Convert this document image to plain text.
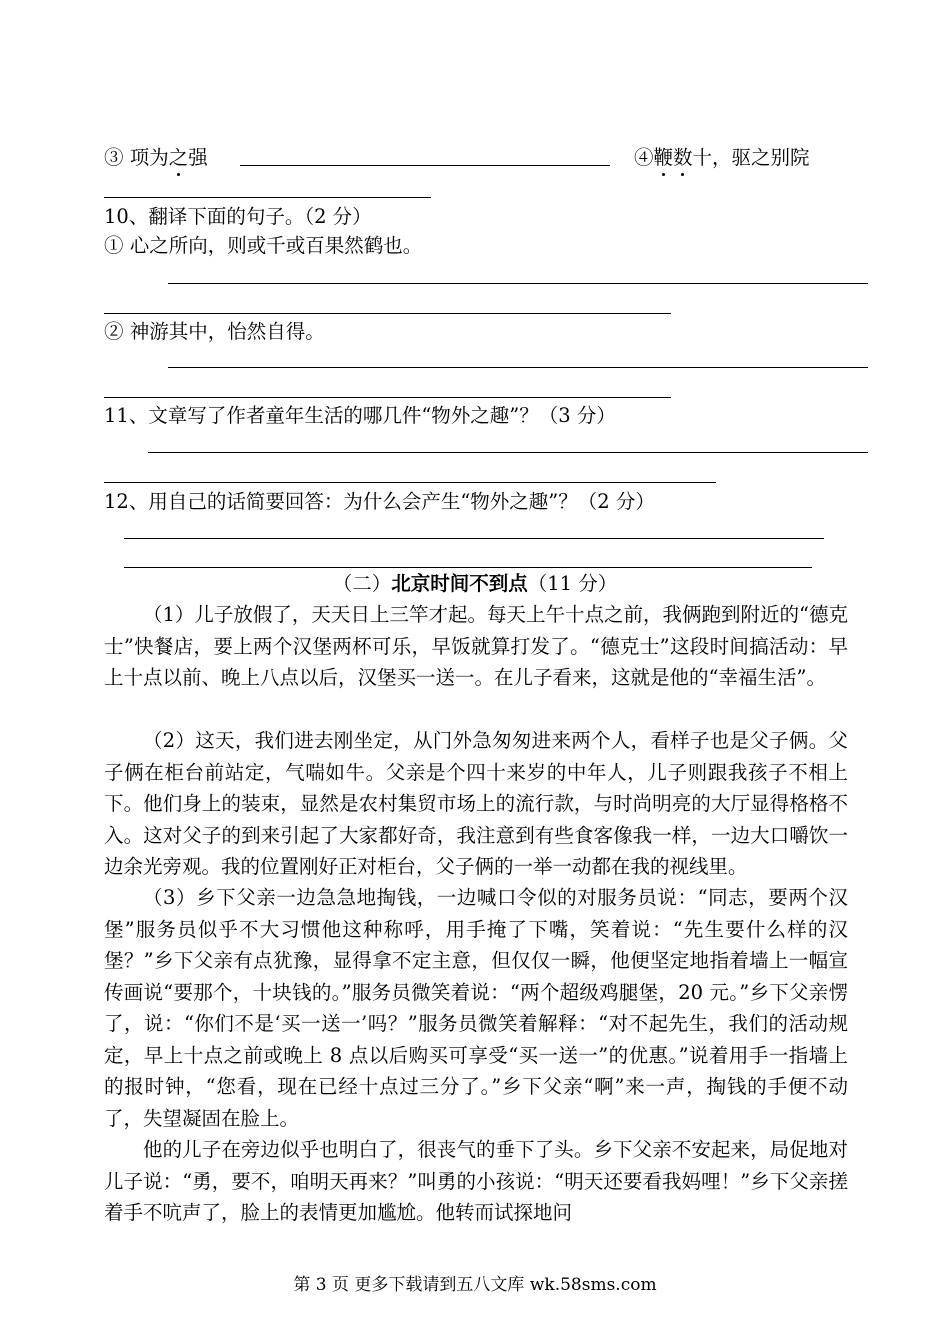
③ 项为之强	④鞭数十，驱之别院
10、翻译下面的句子。（2 分）
① 心之所向，则或千或百果然鹤也。
② 神游其中，怡然自得。
11、文章写了作者童年生活的哪几件“物外之趣”？（3 分）
12、用自己的话简要回答：为什么会产生“物外之趣”？（2 分）
（二）北京时间不到点（11 分）

（1）儿子放假了，天天日上三竿才起。每天上午十点之前，我俩跑到附近的“德克士”快餐店，要上两个汉堡两杯可乐，早饭就算打发了。“德克士”这段时间搞活动：早上十点以前、晚上八点以后，汉堡买一送一。在儿子看来，这就是他的“幸福生活”。

（2）这天，我们进去刚坐定，从门外急匆匆进来两个人，看样子也是父子俩。父子俩在柜台前站定，气喘如牛。父亲是个四十来岁的中年人，儿子则跟我孩子不相上下。他们身上的装束，显然是农村集贸市场上的流行款，与时尚明亮的大厅显得格格不入。这对父子的到来引起了大家都好奇，我注意到有些食客像我一样，一边大口嚼饮一边余光旁观。我的位置刚好正对柜台，父子俩的一举一动都在我的视线里。

（3）乡下父亲一边急急地掏钱，一边喊口令似的对服务员说：“同志，要两个汉堡”服务员似乎不大习惯他这种称呼，用手掩了下嘴，笑着说：“先生要什么样的汉堡？”乡下父亲有点犹豫，显得拿不定主意，但仅仅一瞬，他便坚定地指着墙上一幅宣传画说“要那个，十块钱的。”服务员微笑着说：“两个超级鸡腿堡，20 元。”乡下父亲愣了，说：“你们不是‘买一送一’吗？”服务员微笑着解释：“对不起先生，我们的活动规定，早上十点之前或晚上 8 点以后购买可享受“买一送一”的优惠。”说着用手一指墙上的报时钟，“您看，现在已经十点过三分了。”乡下父亲“啊”来一声，掏钱的手便不动了，失望凝固在脸上。

他的儿子在旁边似乎也明白了，很丧气的垂下了头。乡下父亲不安起来，局促地对儿子说：“勇，要不，咱明天再来？”叫勇的小孩说：“明天还要看我妈哩！”乡下父亲搓着手不吭声了，脸上的表情更加尴尬。他转而试探地问

第 3 页 更多下载请到五八文库 wk.58sms.com
